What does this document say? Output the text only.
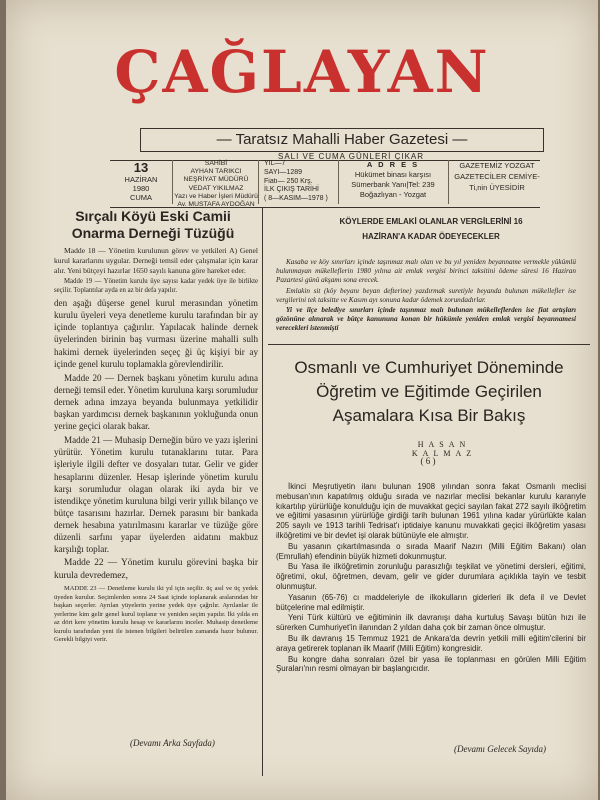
ÇAĞLAYAN
— Taratsız Mahalli Haber Gazetesi —
SALI VE CUMA GÜNLERİ ÇIKAR
13
HAZİRAN
1980
CUMA
SAHİBİ
AYHAN TARIKCI
NEŞRİYAT MÜDÜRÜ
VEDAT YIKILMAZ
Yazı ve Haber İşleri Müdürü
Av. MUSTAFA AYDOĞAN
YIL—7
SAYI—1289
Fiatı— 250 Krş.
İLK ÇIKIŞ TARİHİ
( 8—KASIM—1978 )
A D R E S
Hükümet binası karşısı
Sümerbank Yanı|Tel: 239
Boğazlıyan - Yozgat
GAZETEMİZ YOZGAT
GAZETECİLER CEMİYE-
Ti,nin ÜYESİDİR
Sırçalı Köyü Eski Camii
Onarma Derneği Tüzüğü

Madde 18 — Yönetim kurulunun görev ve yetkileri A) Genel kurul kararlarını uygular. Derneği temsil eder çalışmalar için karar alır. Yeni bütçeyi hazırlar 1650 sayılı kanuna göre hareket eder.

Madde 19 — Yönetim kurulu üye sayısı kadar yedek üye ile birlikte seçilir. Toplantılar ayda en az bir defa yapılır.

den aşağı düşerse genel kurul merasından yönetim kurulu üyeleri veya denetleme kurulu tarafından bir ay içinde toplantıya çağırılır. Yapılacak halinde dernek üyelerinden birinin baş vurması üzerine mahalli sulh hakimi dernek üyelerinden seçeç ği üç kişiyi bir ay içinde genel kurulu toplamakla görevlendirilir.

Madde 20 — Dernek başkanı yönetim kurulu adına derneği temsil eder. Yönetim kuruluna karşı sorumludur dernek adına imzaya beyanda bulunmaya yetkilidir başkan yardımcısı dernek başkanının yokluğunda onun yerine geçici olarak bakar.

Madde 21 — Muhasip Derneğin büro ve yazı işlerini yürütür. Yönetim kurulu tutanaklarını tutar. Para işleriyle ilgili defter ve dosyaları tutar. Gelir ve gider hesaplarını düzenler. Hesap işlerinde yönetim kurulu karşı sorumludur olagan olarak iki ayda bir ve istendikçe yönetim kuruluna bilgi verir yıllık bilanço ve bütçe tasarısını hazırlar. Dernek parasını bir bankada dernek hesabına yatırılmasını kararlar ve tüzüğe göre düzenli sarfını yapar üyelerden aidatını makbuz karşılığı toplar.

Madde 22 — Yönetim kurulu görevini başka bir kurula devredemez,

MADDE 23 — Denetleme kurulu iki yıl için seçilir. üç asıl ve üç yedek üyeden kurulur. Seçimlerden sonra 24 Saat içinde toplanarak aralarından bir başkan seçerler. Ayrılan yüyelerin yerine yedek üye çağrılır. Ayrılanlar ile yerlerine kim gelir genel kurul toplanır ve yeniden seçim yapılır. İki yılda en az dört kere yönetim kurulu hesap ve kararlarını inceler. Muhasip denetleme kurulu tarafından yeni ile istenen bilgileri belirtilen zamanda hazır bulunur. Gerekli bilgiyi verir.

(Devamı Arka Sayfada)
KÖYLERDE EMLAKİ OLANLAR VERGİLERİNİ 16
HAZİRAN'A KADAR ÖDEYECEKLER

Kasaba ve köy sınırları içinde taşınmaz malı olan ve bu yıl yeniden beyanname vermekle yükümlü bulunmayan mükelleflerin 1980 yılına ait emlak vergisi birinci taksitini ödeme süresi 16 Haziran Pazartesi günü akşamı sona erecek.

Emlakin sit (köy beyanı beyan defterine) yazdırmak suretiyle beyanda bulunan mükellefler ise vergilerini tek taksitte ve Kasım ayı sonuna kadar ödemek zorundadırlar.

Yi ve ilçe belediye sınırları içinde taşınmaz malı bulunan mükelleflerden ise fiat artışları gözönüne alınarak ve bütçe kanununa konan bir hükümle yeniden emlak vergisi beyannamesi verecekleri istenmişti

Osmanlı ve Cumhuriyet Döneminde
Öğretim ve Eğitimde Geçirilen
Aşamalara Kısa Bir Bakış
HASAN KALMAZ
( 6 )

İkinci Meşrutiyetin ilanı bulunan 1908 yılından sonra fakat Osmanlı meclisi mebusan'ının kapatılmış olduğu sırada ve nazırlar meclisi bekanlar kurulu kararıyle kıkartılıp yürürlüğe konulduğu için de muvakkat geçici sayılan fakat 272 sayılı ilköğretim ve eğitimi yasasının yürürlüğe girdiği tarih bulunan 1961 yılına kadar yürürlükte kalan 205 sayılı ve 1913 tarihli Tedrisat'ı iptidaiye kanunu muvakkati geçici ilköğretim yasası ilköğretimi ve bir devlet işi olarak bütünüyle ele almıştır.

Bu yasanın çıkartılmasında o sırada Maarif Nazırı (Milli Eğitim Bakanı) olan (Emrullah) efendinin büyük hizmeti dokunmuştur.

Bu Yasa ile ilköğretimin zorunluğu parasızlığı teşkilat ve yönetimi dersleri, eğitimi, öğretimi, okul, öğretmen, devam, gelir ve gider durumlara açıklıkla tayin ve tesbit olunmuştur.

Yasanın (65-76) cı maddeleriyle de ilkokulların giderleri ilk defa il ve Devlet bütçelerine mal edilmiştir.

Yeni Türk kültürü ve eğitiminin ilk davranışı daha kurtuluş Savaşı bütün hızı ile sürerken Cumhuriyet'in ilanından 2 yıldan daha çok bir zaman önce olmuştur.

Bu ilk davranış 15 Temmuz 1921 de Ankara'da devrin yetkili milli eğitim'cilerini bir araya getirerek toplanan ilk Maarif (Milli Eğitim) kongresidir.

Bu kongre daha sonraları özel bir yasa ile toplanması en görülen Milli Eğitim Şuraları'nın resmi olmayan bir başlangıcıdır.

(Devamı Gelecek Sayıda)
